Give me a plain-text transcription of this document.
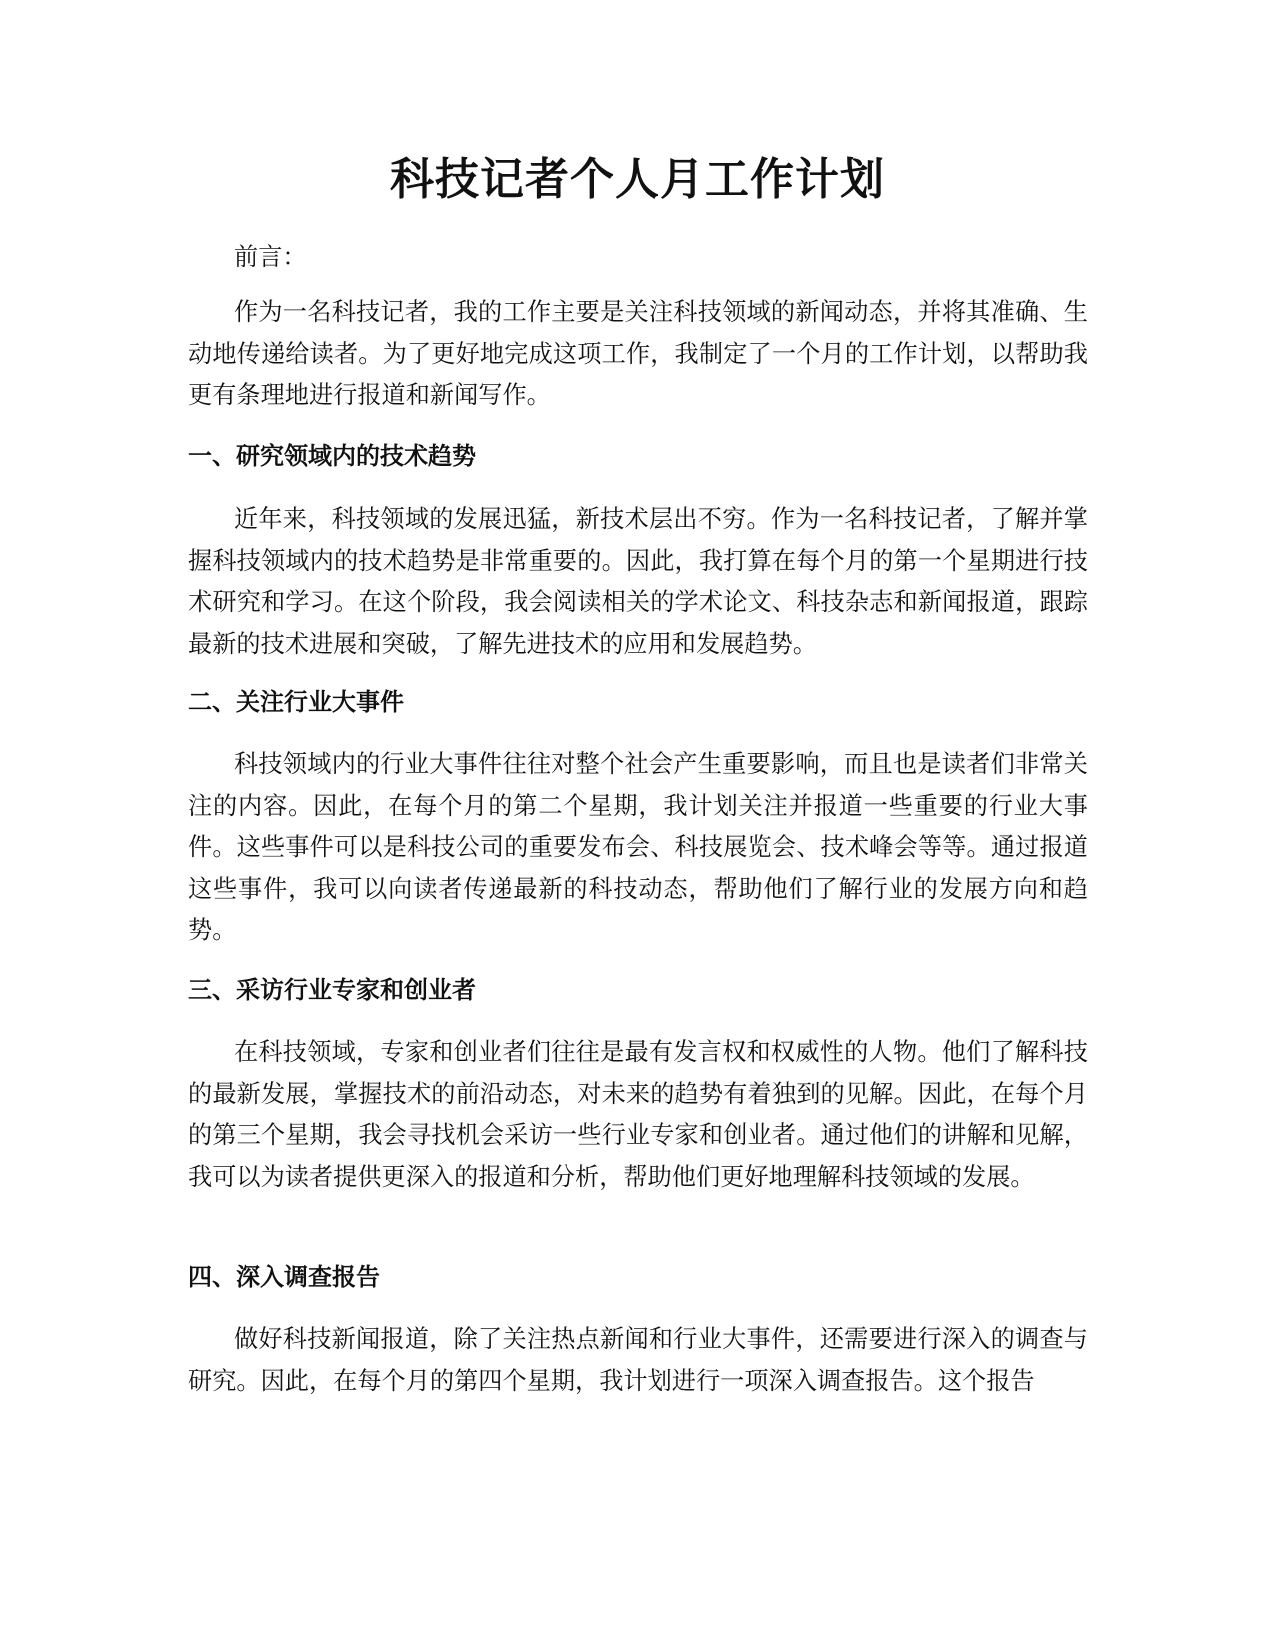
科技记者个人月工作计划

前言：

作为一名科技记者，我的工作主要是关注科技领域的新闻动态，并将其准确、生动地传递给读者。为了更好地完成这项工作，我制定了一个月的工作计划，以帮助我更有条理地进行报道和新闻写作。

一、研究领域内的技术趋势

近年来，科技领域的发展迅猛，新技术层出不穷。作为一名科技记者，了解并掌握科技领域内的技术趋势是非常重要的。因此，我打算在每个月的第一个星期进行技术研究和学习。在这个阶段，我会阅读相关的学术论文、科技杂志和新闻报道，跟踪最新的技术进展和突破，了解先进技术的应用和发展趋势。

二、关注行业大事件

科技领域内的行业大事件往往对整个社会产生重要影响，而且也是读者们非常关注的内容。因此，在每个月的第二个星期，我计划关注并报道一些重要的行业大事件。这些事件可以是科技公司的重要发布会、科技展览会、技术峰会等等。通过报道这些事件，我可以向读者传递最新的科技动态，帮助他们了解行业的发展方向和趋势。

三、采访行业专家和创业者

在科技领域，专家和创业者们往往是最有发言权和权威性的人物。他们了解科技的最新发展，掌握技术的前沿动态，对未来的趋势有着独到的见解。因此，在每个月的第三个星期，我会寻找机会采访一些行业专家和创业者。通过他们的讲解和见解，我可以为读者提供更深入的报道和分析，帮助他们更好地理解科技领域的发展。

四、深入调查报告

做好科技新闻报道，除了关注热点新闻和行业大事件，还需要进行深入的调查与研究。因此，在每个月的第四个星期，我计划进行一项深入调查报告。这个报告
